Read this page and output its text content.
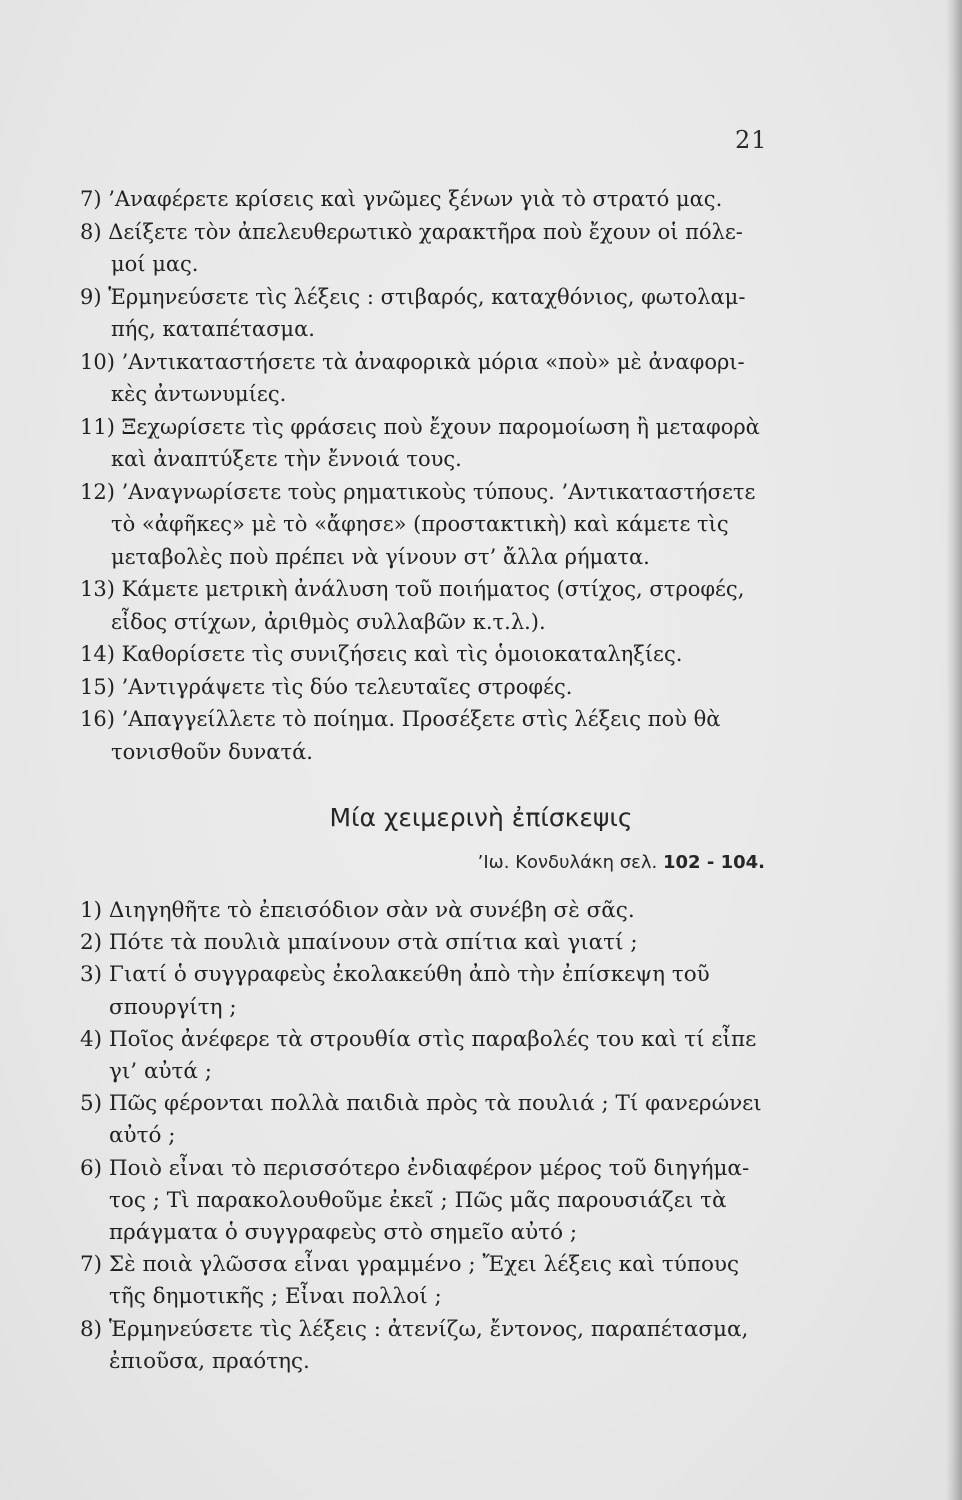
21
7) ’Αναφέρετε κρίσεις καὶ γνῶμες ξένων γιὰ τὸ στρατό μας.
8) Δείξετε τὸν ἀπελευθερωτικὸ χαρακτῆρα ποὺ ἔχουν οἱ πόλε-
μοί μας.
9) Ἑρμηνεύσετε τὶς λέξεις : στιβαρός, καταχθόνιος, φωτολαμ-
πής, καταπέτασμα.
10) ’Αντικαταστήσετε τὰ ἀναφορικὰ μόρια «ποὺ» μὲ ἀναφορι-
κὲς ἀντωνυμίες.
11) Ξεχωρίσετε τὶς φράσεις ποὺ ἔχουν παρομοίωση ἢ μεταφορὰ
καὶ ἀναπτύξετε τὴν ἔννοιά τους.
12) ’Αναγνωρίσετε τοὺς ρηματικοὺς τύπους. ’Αντικαταστήσετε
τὸ «ἀφῆκες» μὲ τὸ «ἄφησε» (προστακτικὴ) καὶ κάμετε τὶς
μεταβολὲς ποὺ πρέπει νὰ γίνουν στ’ ἄλλα ρήματα.
13) Κάμετε μετρικὴ ἀνάλυση τοῦ ποιήματος (στίχος, στροφές,
εἶδος στίχων, ἀριθμὸς συλλαβῶν κ.τ.λ.).
14) Καθορίσετε τὶς συνιζήσεις καὶ τὶς ὁμοιοκαταληξίες.
15) ’Αντιγράψετε τὶς δύο τελευταῖες στροφές.
16) ’Απαγγείλλετε τὸ ποίημα. Προσέξετε στὶς λέξεις ποὺ θὰ
τονισθοῦν δυνατά.
Μία χειμερινὴ ἐπίσκεψις
’Ιω. Κονδυλάκη σελ. 102 - 104.
1) Διηγηθῆτε τὸ ἐπεισόδιον σὰν νὰ συνέβη σὲ σᾶς.
2) Πότε τὰ πουλιὰ μπαίνουν στὰ σπίτια καὶ γιατί ;
3) Γιατί ὁ συγγραφεὺς ἐκολακεύθη ἀπὸ τὴν ἐπίσκεψη τοῦ
σπουργίτη ;
4) Ποῖος ἀνέφερε τὰ στρουθία στὶς παραβολές του καὶ τί εἶπε
γι’ αὐτά ;
5) Πῶς φέρονται πολλὰ παιδιὰ πρὸς τὰ πουλιά ; Τί φανερώνει
αὐτό ;
6) Ποιὸ εἶναι τὸ περισσότερο ἐνδιαφέρον μέρος τοῦ διηγήμα-
τος ; Τὶ παρακολουθοῦμε ἐκεῖ ; Πῶς μᾶς παρουσιάζει τὰ
πράγματα ὁ συγγραφεὺς στὸ σημεῖο αὐτό ;
7) Σὲ ποιὰ γλῶσσα εἶναι γραμμένο ; Ἔχει λέξεις καὶ τύπους
τῆς δημοτικῆς ; Εἶναι πολλοί ;
8) Ἑρμηνεύσετε τὶς λέξεις : ἀτενίζω, ἔντονος, παραπέτασμα,
ἐπιοῦσα, πραότης.
